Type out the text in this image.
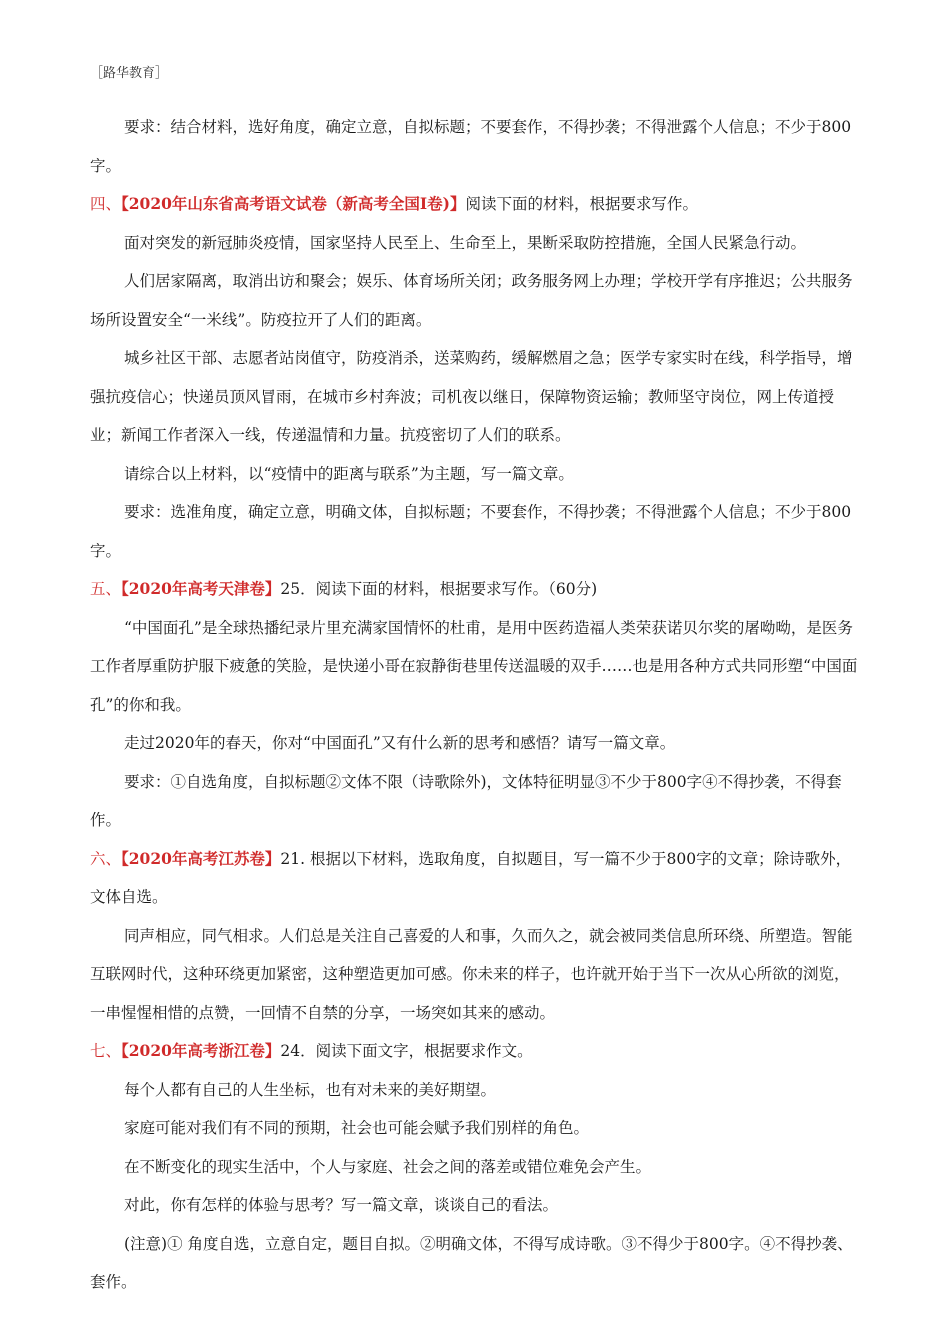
［路华教育］

要求：结合材料，选好角度，确定立意，自拟标题；不要套作，不得抄袭；不得泄露个人信息；不少于800字。

四、【2020年山东省高考语文试卷（新高考全国Ⅰ卷)】阅读下面的材料，根据要求写作。

面对突发的新冠肺炎疫情，国家坚持人民至上、生命至上，果断采取防控措施，全国人民紧急行动。

人们居家隔离，取消出访和聚会；娱乐、体育场所关闭；政务服务网上办理；学校开学有序推迟；公共服务场所设置安全“一米线”。防疫拉开了人们的距离。

城乡社区干部、志愿者站岗值守，防疫消杀，送菜购药，缓解燃眉之急；医学专家实时在线，科学指导，增强抗疫信心；快递员顶风冒雨，在城市乡村奔波；司机夜以继日，保障物资运输；教师坚守岗位，网上传道授业；新闻工作者深入一线，传递温情和力量。抗疫密切了人们的联系。

请综合以上材料，以“疫情中的距离与联系”为主题，写一篇文章。

要求：选准角度，确定立意，明确文体，自拟标题；不要套作，不得抄袭；不得泄露个人信息；不少于800字。

五、【2020年高考天津卷】25．阅读下面的材料，根据要求写作。（60分)

“中国面孔”是全球热播纪录片里充满家国情怀的杜甫，是用中医药造福人类荣获诺贝尔奖的屠呦呦，是医务工作者厚重防护服下疲惫的笑脸，是快递小哥在寂静街巷里传送温暖的双手……也是用各种方式共同形塑“中国面孔”的你和我。

走过2020年的春天，你对“中国面孔”又有什么新的思考和感悟？请写一篇文章。

要求：①自选角度，自拟标题②文体不限（诗歌除外)，文体特征明显③不少于800字④不得抄袭，不得套作。

六、【2020年高考江苏卷】21. 根据以下材料，选取角度，自拟题目，写一篇不少于800字的文章；除诗歌外，文体自选。

同声相应，同气相求。人们总是关注自己喜爱的人和事，久而久之，就会被同类信息所环绕、所塑造。智能互联网时代，这种环绕更加紧密，这种塑造更加可感。你未来的样子，也许就开始于当下一次从心所欲的浏览，一串惺惺相惜的点赞，一回情不自禁的分享，一场突如其来的感动。

七、【2020年高考浙江卷】24．阅读下面文字，根据要求作文。

每个人都有自己的人生坐标，也有对未来的美好期望。

家庭可能对我们有不同的预期，社会也可能会赋予我们别样的角色。

在不断变化的现实生活中，个人与家庭、社会之间的落差或错位难免会产生。

对此，你有怎样的体验与思考？写一篇文章，谈谈自己的看法。

(注意)① 角度自选，立意自定，题目自拟。②明确文体，不得写成诗歌。③不得少于800字。④不得抄袭、套作。
